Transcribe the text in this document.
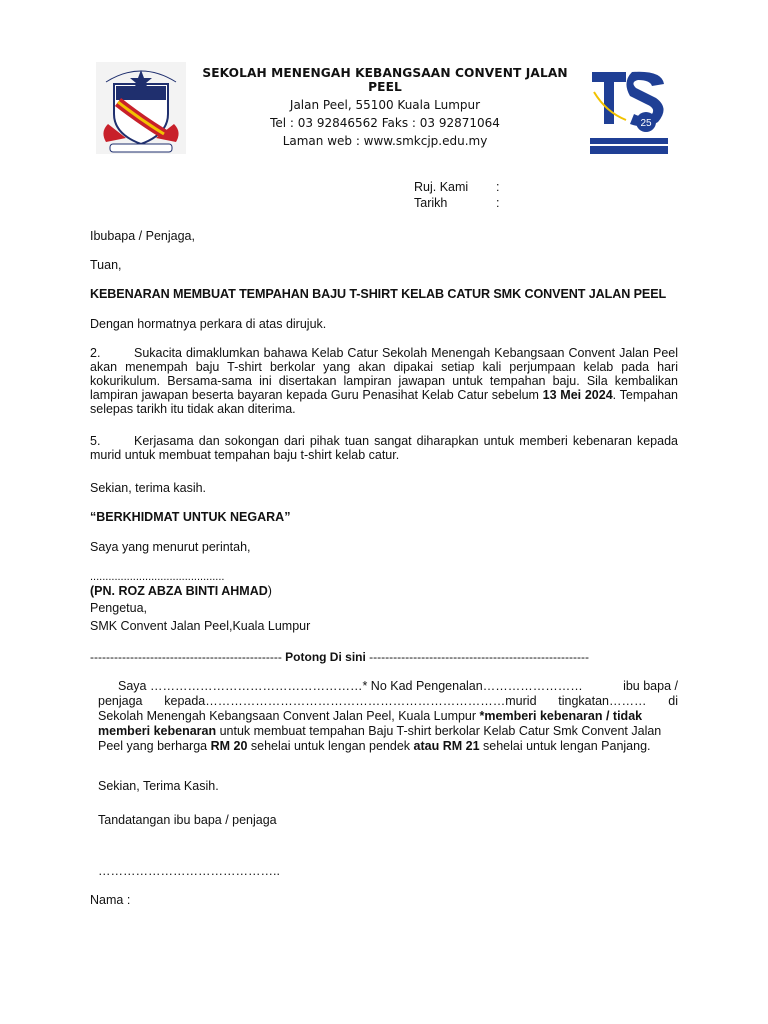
SEKOLAH MENENGAH KEBANGSAAN CONVENT JALAN PEEL
Jalan Peel, 55100 Kuala Lumpur
Tel : 03 92846562 Faks : 03 92871064
Laman web : www.smkcjp.edu.my
25
Ruj. Kami :
Tarikh	:
Ibubapa / Penjaga,
Tuan,
KEBENARAN MEMBUAT TEMPAHAN BAJU T-SHIRT KELAB CATUR SMK CONVENT JALAN PEEL
Dengan hormatnya perkara di atas dirujuk.
2.	Sukacita dimaklumkan bahawa Kelab Catur Sekolah Menengah Kebangsaan Convent Jalan Peel akan menempah baju T-shirt berkolar yang akan dipakai setiap kali perjumpaan kelab pada hari kokurikulum. Bersama-sama ini disertakan lampiran jawapan untuk tempahan baju. Sila kembalikan lampiran jawapan beserta bayaran kepada Guru Penasihat Kelab Catur sebelum 13 Mei 2024. Tempahan selepas tarikh itu tidak akan diterima.
5.	Kerjasama dan sokongan dari pihak tuan sangat diharapkan untuk memberi kebenaran kepada murid untuk membuat tempahan baju t-shirt kelab catur.
Sekian, terima kasih.
“BERKHIDMAT UNTUK NEGARA”
Saya yang menurut perintah,
............................................
(PN. ROZ ABZA BINTI AHMAD)
Pengetua,
SMK Convent Jalan Peel,Kuala Lumpur
------------------------------------------------ Potong Di sini -------------------------------------------------------
Saya ……………………………………………* No Kad Pengenalan……………………	ibu bapa /
penjaga kepada………………………………………………………………murid tingkatan……… di
Sekolah Menengah Kebangsaan Convent Jalan Peel, Kuala Lumpur *memberi kebenaran / tidak
memberi kebenaran untuk membuat tempahan Baju T-shirt berkolar Kelab Catur Smk Convent Jalan
Peel yang berharga RM 20 sehelai untuk lengan pendek atau RM 21 sehelai untuk lengan Panjang.
Sekian, Terima Kasih.
Tandatangan ibu bapa / penjaga
……………………………………..
Nama :
